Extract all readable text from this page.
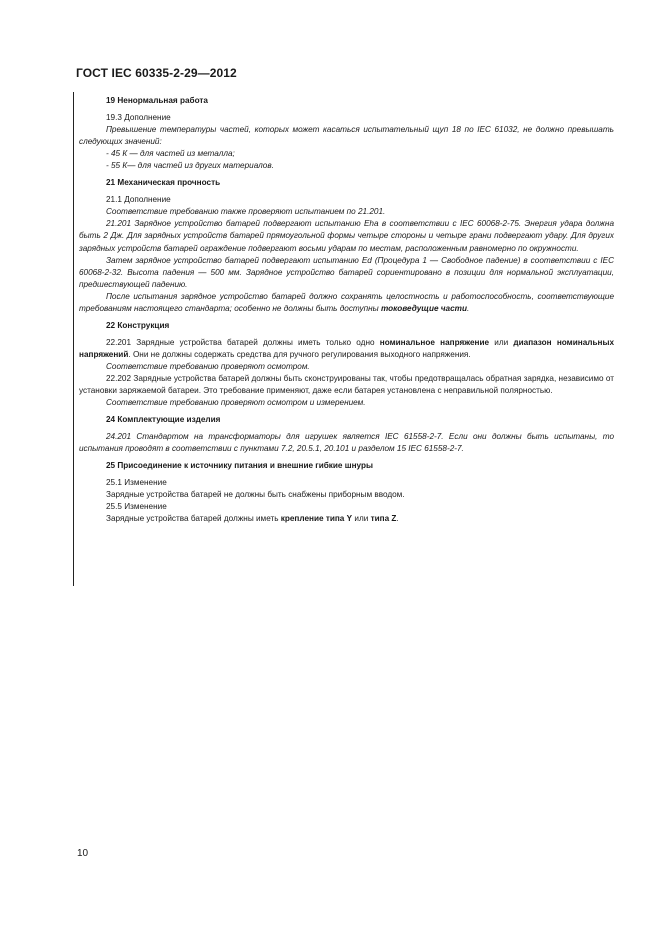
ГОСТ IEC 60335-2-29—2012

19 Ненормальная работа

19.3 Дополнение

Превышение температуры частей, которых может касаться испытательный щуп 18 по IEC 61032, не должно превышать следующих значений:

- 45 К — для частей из металла;

- 55 К— для частей из других материалов.

21 Механическая прочность

21.1 Дополнение

Соответствие требованию также проверяют испытанием по 21.201.

21.201 Зарядное устройство батарей подвергают испытанию Eha в соответствии с IEC 60068-2-75. Энергия удара должна быть 2 Дж. Для зарядных устройств батарей прямоугольной формы четыре стороны и четыре грани подвергают удару. Для других зарядных устройств батарей ограждение подвергают восьми ударам по местам, расположенным равномерно по окружности.

Затем зарядное устройство батарей подвергают испытанию Ed (Процедура 1 — Свободное падение) в соответствии с IEC 60068-2-32. Высота падения — 500 мм. Зарядное устройство батарей сориентировано в позиции для нормальной эксплуатации, предшествующей падению.

После испытания зарядное устройство батарей должно сохранять целостность и работоспособность, соответствующие требованиям настоящего стандарта; особенно не должны быть доступны токоведущие части.

22 Конструкция

22.201 Зарядные устройства батарей должны иметь только одно номинальное напряжение или диапазон номинальных напряжений. Они не должны содержать средства для ручного регулирования выходного напряжения.

Соответствие требованию проверяют осмотром.

22.202 Зарядные устройства батарей должны быть сконструированы так, чтобы предотвращалась обратная зарядка, независимо от установки заряжаемой батареи. Это требование применяют, даже если батарея установлена с неправильной полярностью.

Соответствие требованию проверяют осмотром и измерением.

24 Комплектующие изделия

24.201 Стандартом на трансформаторы для игрушек является IEC 61558-2-7. Если они должны быть испытаны, то испытания проводят в соответствии с пунктами 7.2, 20.5.1, 20.101 и разделом 15 IEC 61558-2-7.

25 Присоединение к источнику питания и внешние гибкие шнуры

25.1 Изменение

Зарядные устройства батарей не должны быть снабжены приборным вводом.

25.5 Изменение

Зарядные устройства батарей должны иметь крепление типа Y или типа Z.

10
